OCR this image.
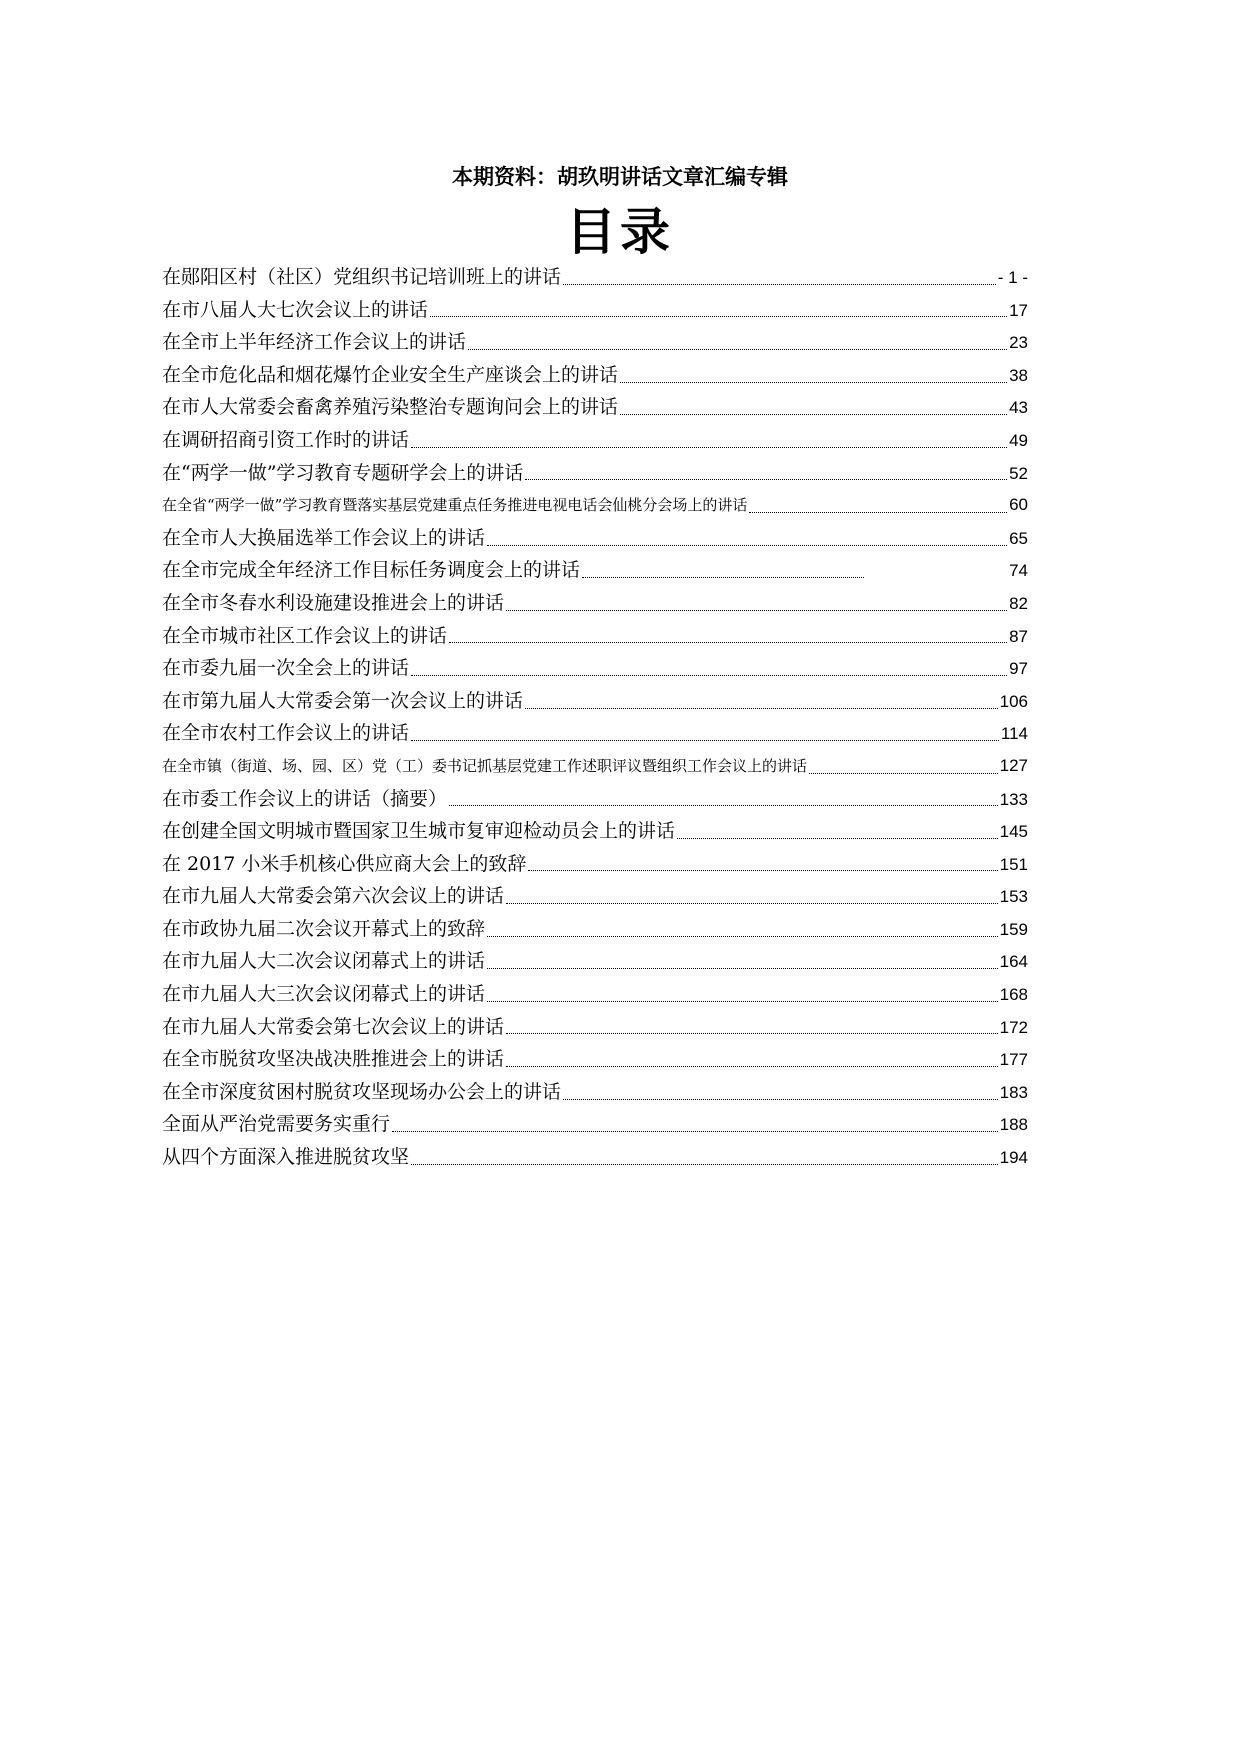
本期资料：胡玖明讲话文章汇编专辑
目录
在郧阳区村（社区）党组织书记培训班上的讲话	- 1 -
在市八届人大七次会议上的讲话	17
在全市上半年经济工作会议上的讲话	23
在全市危化品和烟花爆竹企业安全生产座谈会上的讲话	38
在市人大常委会畜禽养殖污染整治专题询问会上的讲话	43
在调研招商引资工作时的讲话	49
在“两学一做”学习教育专题研学会上的讲话	52
在全省“两学一做”学习教育暨落实基层党建重点任务推进电视电话会仙桃分会场上的讲话	60
在全市人大换届选举工作会议上的讲话	65
在全市完成全年经济工作目标任务调度会上的讲话	74
在全市冬春水利设施建设推进会上的讲话	82
在全市城市社区工作会议上的讲话	87
在市委九届一次全会上的讲话	97
在市第九届人大常委会第一次会议上的讲话	106
在全市农村工作会议上的讲话	114
在全市镇（街道、场、园、区）党（工）委书记抓基层党建工作述职评议暨组织工作会议上的讲话	127
在市委工作会议上的讲话（摘要）	133
在创建全国文明城市暨国家卫生城市复审迎检动员会上的讲话	145
在 2017 小米手机核心供应商大会上的致辞	151
在市九届人大常委会第六次会议上的讲话	153
在市政协九届二次会议开幕式上的致辞	159
在市九届人大二次会议闭幕式上的讲话	164
在市九届人大三次会议闭幕式上的讲话	168
在市九届人大常委会第七次会议上的讲话	172
在全市脱贫攻坚决战决胜推进会上的讲话	177
在全市深度贫困村脱贫攻坚现场办公会上的讲话	183
全面从严治党需要务实重行	188
从四个方面深入推进脱贫攻坚	194
